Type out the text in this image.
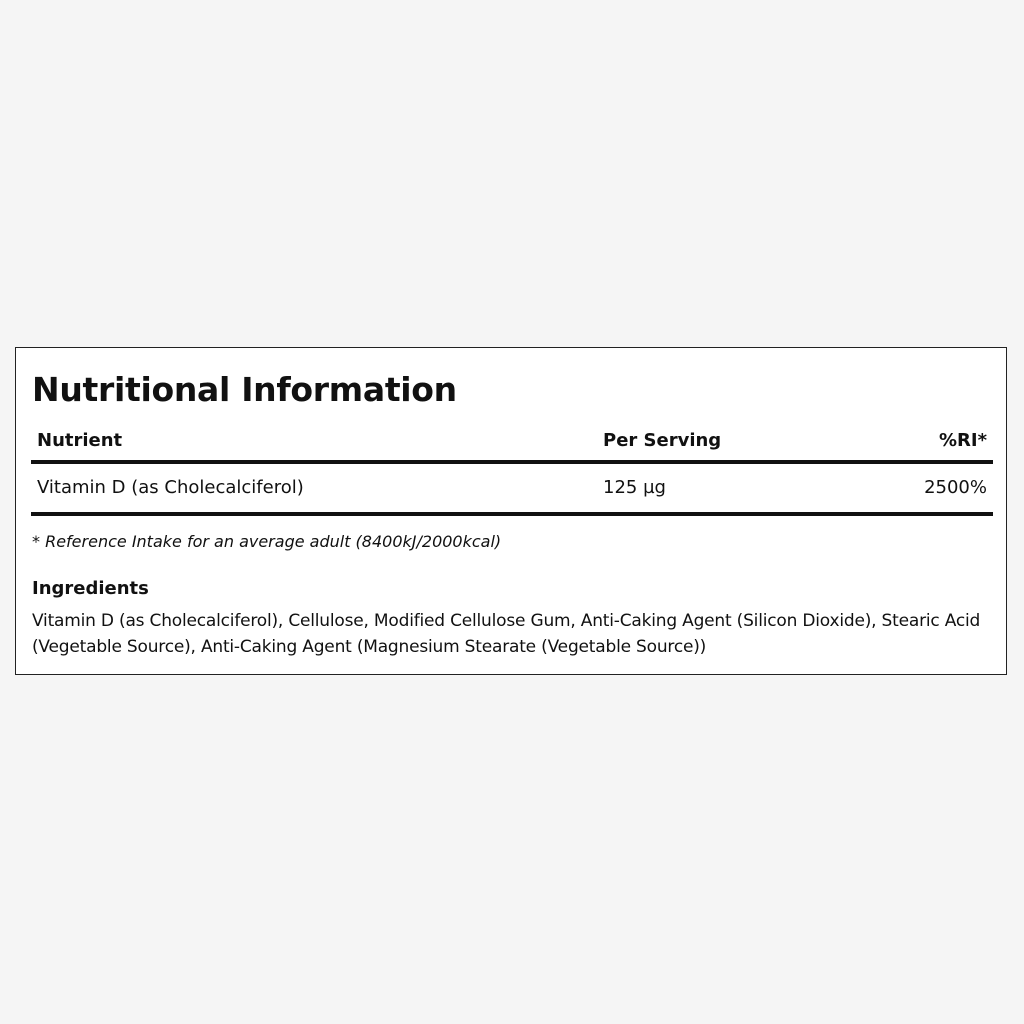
Nutritional Information
Nutrient	Per Serving	%RI*
Vitamin D (as Cholecalciferol)	125 µg	2500%

* Reference Intake for an average adult (8400kJ/2000kcal)

Ingredients

Vitamin D (as Cholecalciferol), Cellulose, Modified Cellulose Gum, Anti-Caking Agent (Silicon Dioxide), Stearic Acid (Vegetable Source), Anti-Caking Agent (Magnesium Stearate (Vegetable Source))
